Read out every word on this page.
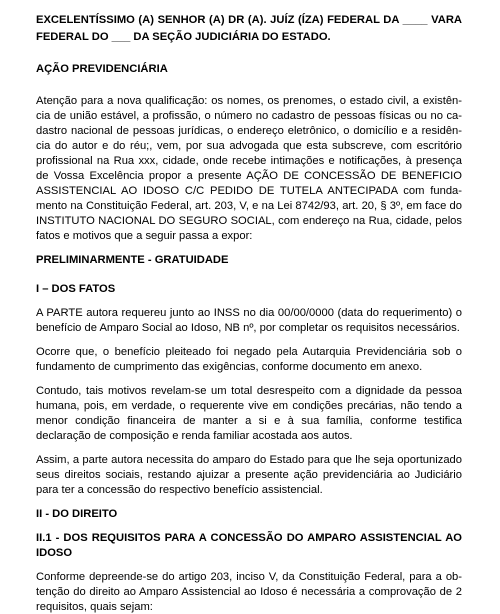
EXCELENTÍSSIMO (A) SENHOR (A) DR (A). JUÍZ (ÍZA) FEDERAL DA ____ VARA
FEDERAL DO ___ DA SEÇÃO JUDICIÁRIA DO ESTADO.
AÇÃO PREVIDENCIÁRIA
Atenção para a nova qualificação: os nomes, os prenomes, o estado civil, a existên-
cia de união estável, a profissão, o número no cadastro de pessoas físicas ou no ca-
dastro nacional de pessoas jurídicas, o endereço eletrônico, o domicílio e a residên-
cia do autor e do réu;, vem, por sua advogada que esta subscreve, com escritório
profissional na Rua xxx, cidade, onde recebe intimações e notificações, à presença
de Vossa Excelência propor a presente AÇÃO DE CONCESSÃO DE BENEFICIO
ASSISTENCIAL AO IDOSO C/C PEDIDO DE TUTELA ANTECIPADA com funda-
mento na Constituição Federal, art. 203, V, e na Lei 8742/93, art. 20, § 3º, em face do
INSTITUTO NACIONAL DO SEGURO SOCIAL, com endereço na Rua, cidade, pelos
fatos e motivos que a seguir passa a expor:
PRELIMINARMENTE - GRATUIDADE
I – DOS FATOS
A PARTE autora requereu junto ao INSS no dia 00/00/0000 (data do requerimento) o
benefício de Amparo Social ao Idoso, NB nº, por completar os requisitos necessários.
Ocorre que, o benefício pleiteado foi negado pela Autarquia Previdenciária sob o
fundamento de cumprimento das exigências, conforme documento em anexo.
Contudo, tais motivos revelam-se um total desrespeito com a dignidade da pessoa
humana, pois, em verdade, o requerente vive em condições precárias, não tendo a
menor condição financeira de manter a si e à sua família, conforme testifica
declaração de composição e renda familiar acostada aos autos.
Assim, a parte autora necessita do amparo do Estado para que lhe seja oportunizado
seus direitos sociais, restando ajuizar a presente ação previdenciária ao Judiciário
para ter a concessão do respectivo benefício assistencial.
II - DO DIREITO
II.1 - DOS REQUISITOS PARA A CONCESSÃO DO AMPARO ASSISTENCIAL AO
IDOSO
Conforme depreende-se do artigo 203, inciso V, da Constituição Federal, para a ob-
tenção do direito ao Amparo Assistencial ao Idoso é necessária a comprovação de 2
requisitos, quais sejam:
